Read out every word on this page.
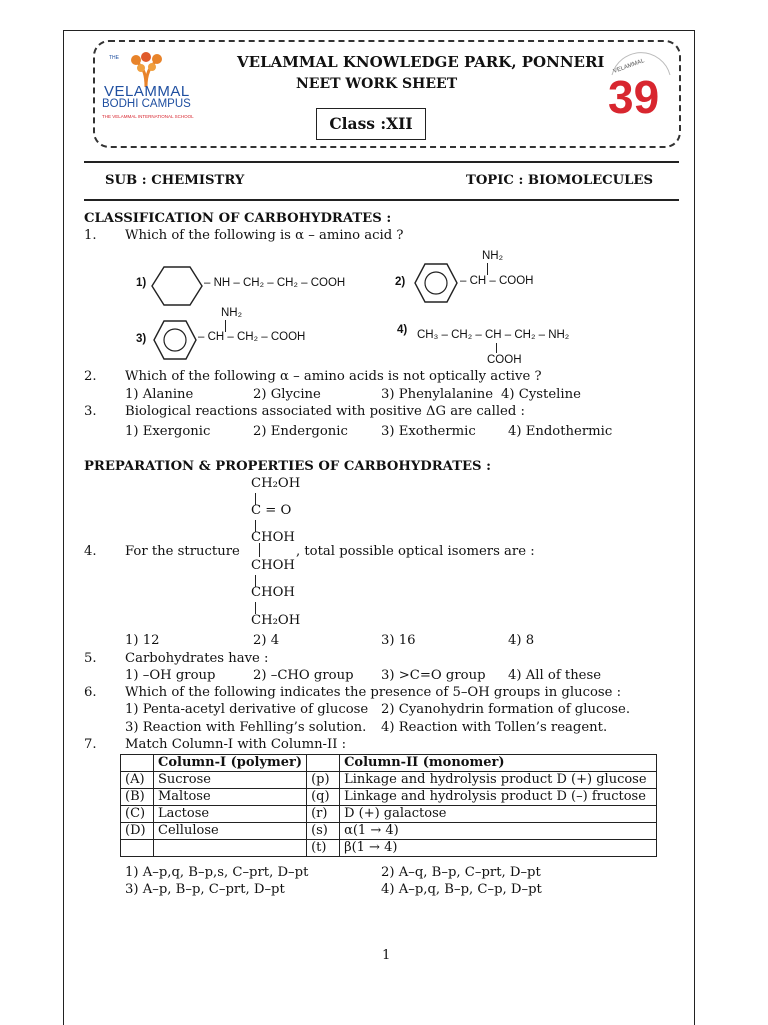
THE
VELAMMAL
BODHI CAMPUS
THE VELAMMAL INTERNATIONAL SCHOOL
VELAMMAL KNOWLEDGE PARK, PONNERI
NEET WORK SHEET
Class :XII
VELAMMAL
39
SUB : CHEMISTRY	TOPIC : BIOMOLECULES
CLASSIFICATION OF CARBOHYDRATES :
1. Which of the following is α – amino acid ?
1)	– NH – CH₂ – CH₂ – COOH	2)
NH₂
– CH – COOH
3)
NH₂
– CH – CH₂ – COOH
4) CH₃ – CH₂ – CH – CH₂ – NH₂
COOH
2. Which of the following α – amino acids is not optically active ?
1) Alanine	2) Glycine	3) Phenylalanine 4) Cysteline
3. Biological reactions associated with positive ΔG are called :
1) Exergonic	2) Endergonic	3) Exothermic 4) Endothermic
PREPARATION & PROPERTIES OF CARBOHYDRATES :
CH₂OH
C = O
CHOH
CHOH
CHOH
CH₂OH
4. For the structure	, total possible optical isomers are :
1) 12	2) 4	3) 16	4) 8
5. Carbohydrates have :
1) –OH group	2) –CHO group 3) >C=O group 4) All of these
6. Which of the following indicates the presence of 5–OH groups in glucose :
1) Penta-acetyl derivative of glucose 2) Cyanohydrin formation of glucose.
3) Reaction with Fehlling’s solution. 4) Reaction with Tollen’s reagent.
7. Match Column-I with Column-II :
	Column-I (polymer)		Column-II (monomer)
(A)	Sucrose	(p)	Linkage and hydrolysis product D (+) glucose
(B)	Maltose	(q)	Linkage and hydrolysis product D (–) fructose
(C)	Lactose	(r)	D (+) galactose
(D)	Cellulose	(s)	α(1 → 4)
		(t)	β(1 → 4)
1) A–p,q, B–p,s, C–prt, D–pt	2) A–q, B–p, C–prt, D–pt
3) A–p, B–p, C–prt, D–pt	4) A–p,q, B–p, C–p, D–pt
1
